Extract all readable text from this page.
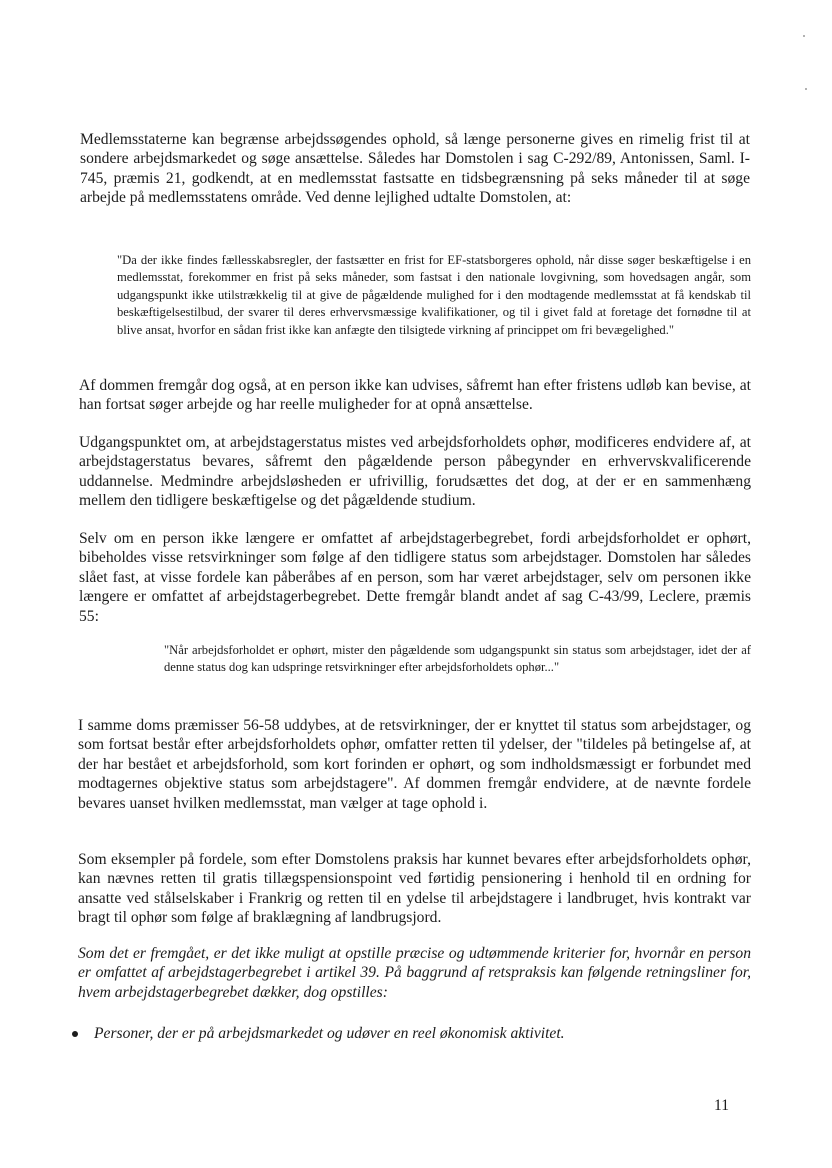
Medlemsstaterne kan begrænse arbejdssøgendes ophold, så længe personerne gives en rimelig frist til at sondere arbejdsmarkedet og søge ansættelse. Således har Domstolen i sag C-292/89, Antonissen, Saml. I-745, præmis 21, godkendt, at en medlemsstat fastsatte en tidsbegrænsning på seks måneder til at søge arbejde på medlemsstatens område. Ved denne lejlighed udtalte Domstolen, at:

"Da der ikke findes fællesskabsregler, der fastsætter en frist for EF-statsborgeres ophold, når disse søger beskæftigelse i en medlemsstat, forekommer en frist på seks måneder, som fastsat i den nationale lovgivning, som hovedsagen angår, som udgangspunkt ikke utilstrækkelig til at give de pågældende mulighed for i den modtagende medlemsstat at få kendskab til beskæftigelsestilbud, der svarer til deres erhvervsmæssige kvalifikationer, og til i givet fald at foretage det fornødne til at blive ansat, hvorfor en sådan frist ikke kan anfægte den tilsigtede virkning af princippet om fri bevægelighed."

Af dommen fremgår dog også, at en person ikke kan udvises, såfremt han efter fristens udløb kan bevise, at han fortsat søger arbejde og har reelle muligheder for at opnå ansættelse.

Udgangspunktet om, at arbejdstagerstatus mistes ved arbejdsforholdets ophør, modificeres endvidere af, at arbejdstagerstatus bevares, såfremt den pågældende person påbegynder en erhvervskvalificerende uddannelse. Medmindre arbejdsløsheden er ufrivillig, forudsættes det dog, at der er en sammenhæng mellem den tidligere beskæftigelse og det pågældende studium.

Selv om en person ikke længere er omfattet af arbejdstagerbegrebet, fordi arbejdsforholdet er ophørt, bibeholdes visse retsvirkninger som følge af den tidligere status som arbejdstager. Domstolen har således slået fast, at visse fordele kan påberåbes af en person, som har været arbejdstager, selv om personen ikke længere er omfattet af arbejdstagerbegrebet. Dette fremgår blandt andet af sag C-43/99, Leclere, præmis 55:

"Når arbejdsforholdet er ophørt, mister den pågældende som udgangspunkt sin status som arbejdstager, idet der af denne status dog kan udspringe retsvirkninger efter arbejdsforholdets ophør..."

I samme doms præmisser 56-58 uddybes, at de retsvirkninger, der er knyttet til status som arbejdstager, og som fortsat består efter arbejdsforholdets ophør, omfatter retten til ydelser, der "tildeles på betingelse af, at der har bestået et arbejdsforhold, som kort forinden er ophørt, og som indholdsmæssigt er forbundet med modtagernes objektive status som arbejdstagere". Af dommen fremgår endvidere, at de nævnte fordele bevares uanset hvilken medlemsstat, man vælger at tage ophold i.

Som eksempler på fordele, som efter Domstolens praksis har kunnet bevares efter arbejdsforholdets ophør, kan nævnes retten til gratis tillægspensionspoint ved førtidig pensionering i henhold til en ordning for ansatte ved stålselskaber i Frankrig og retten til en ydelse til arbejdstagere i landbruget, hvis kontrakt var bragt til ophør som følge af braklægning af landbrugsjord.

Som det er fremgået, er det ikke muligt at opstille præcise og udtømmende kriterier for, hvornår en person er omfattet af arbejdstagerbegrebet i artikel 39. På baggrund af retspraksis kan følgende retningsliner for, hvem arbejdstagerbegrebet dækker, dog opstilles:

Personer, der er på arbejdsmarkedet og udøver en reel økonomisk aktivitet.
11
